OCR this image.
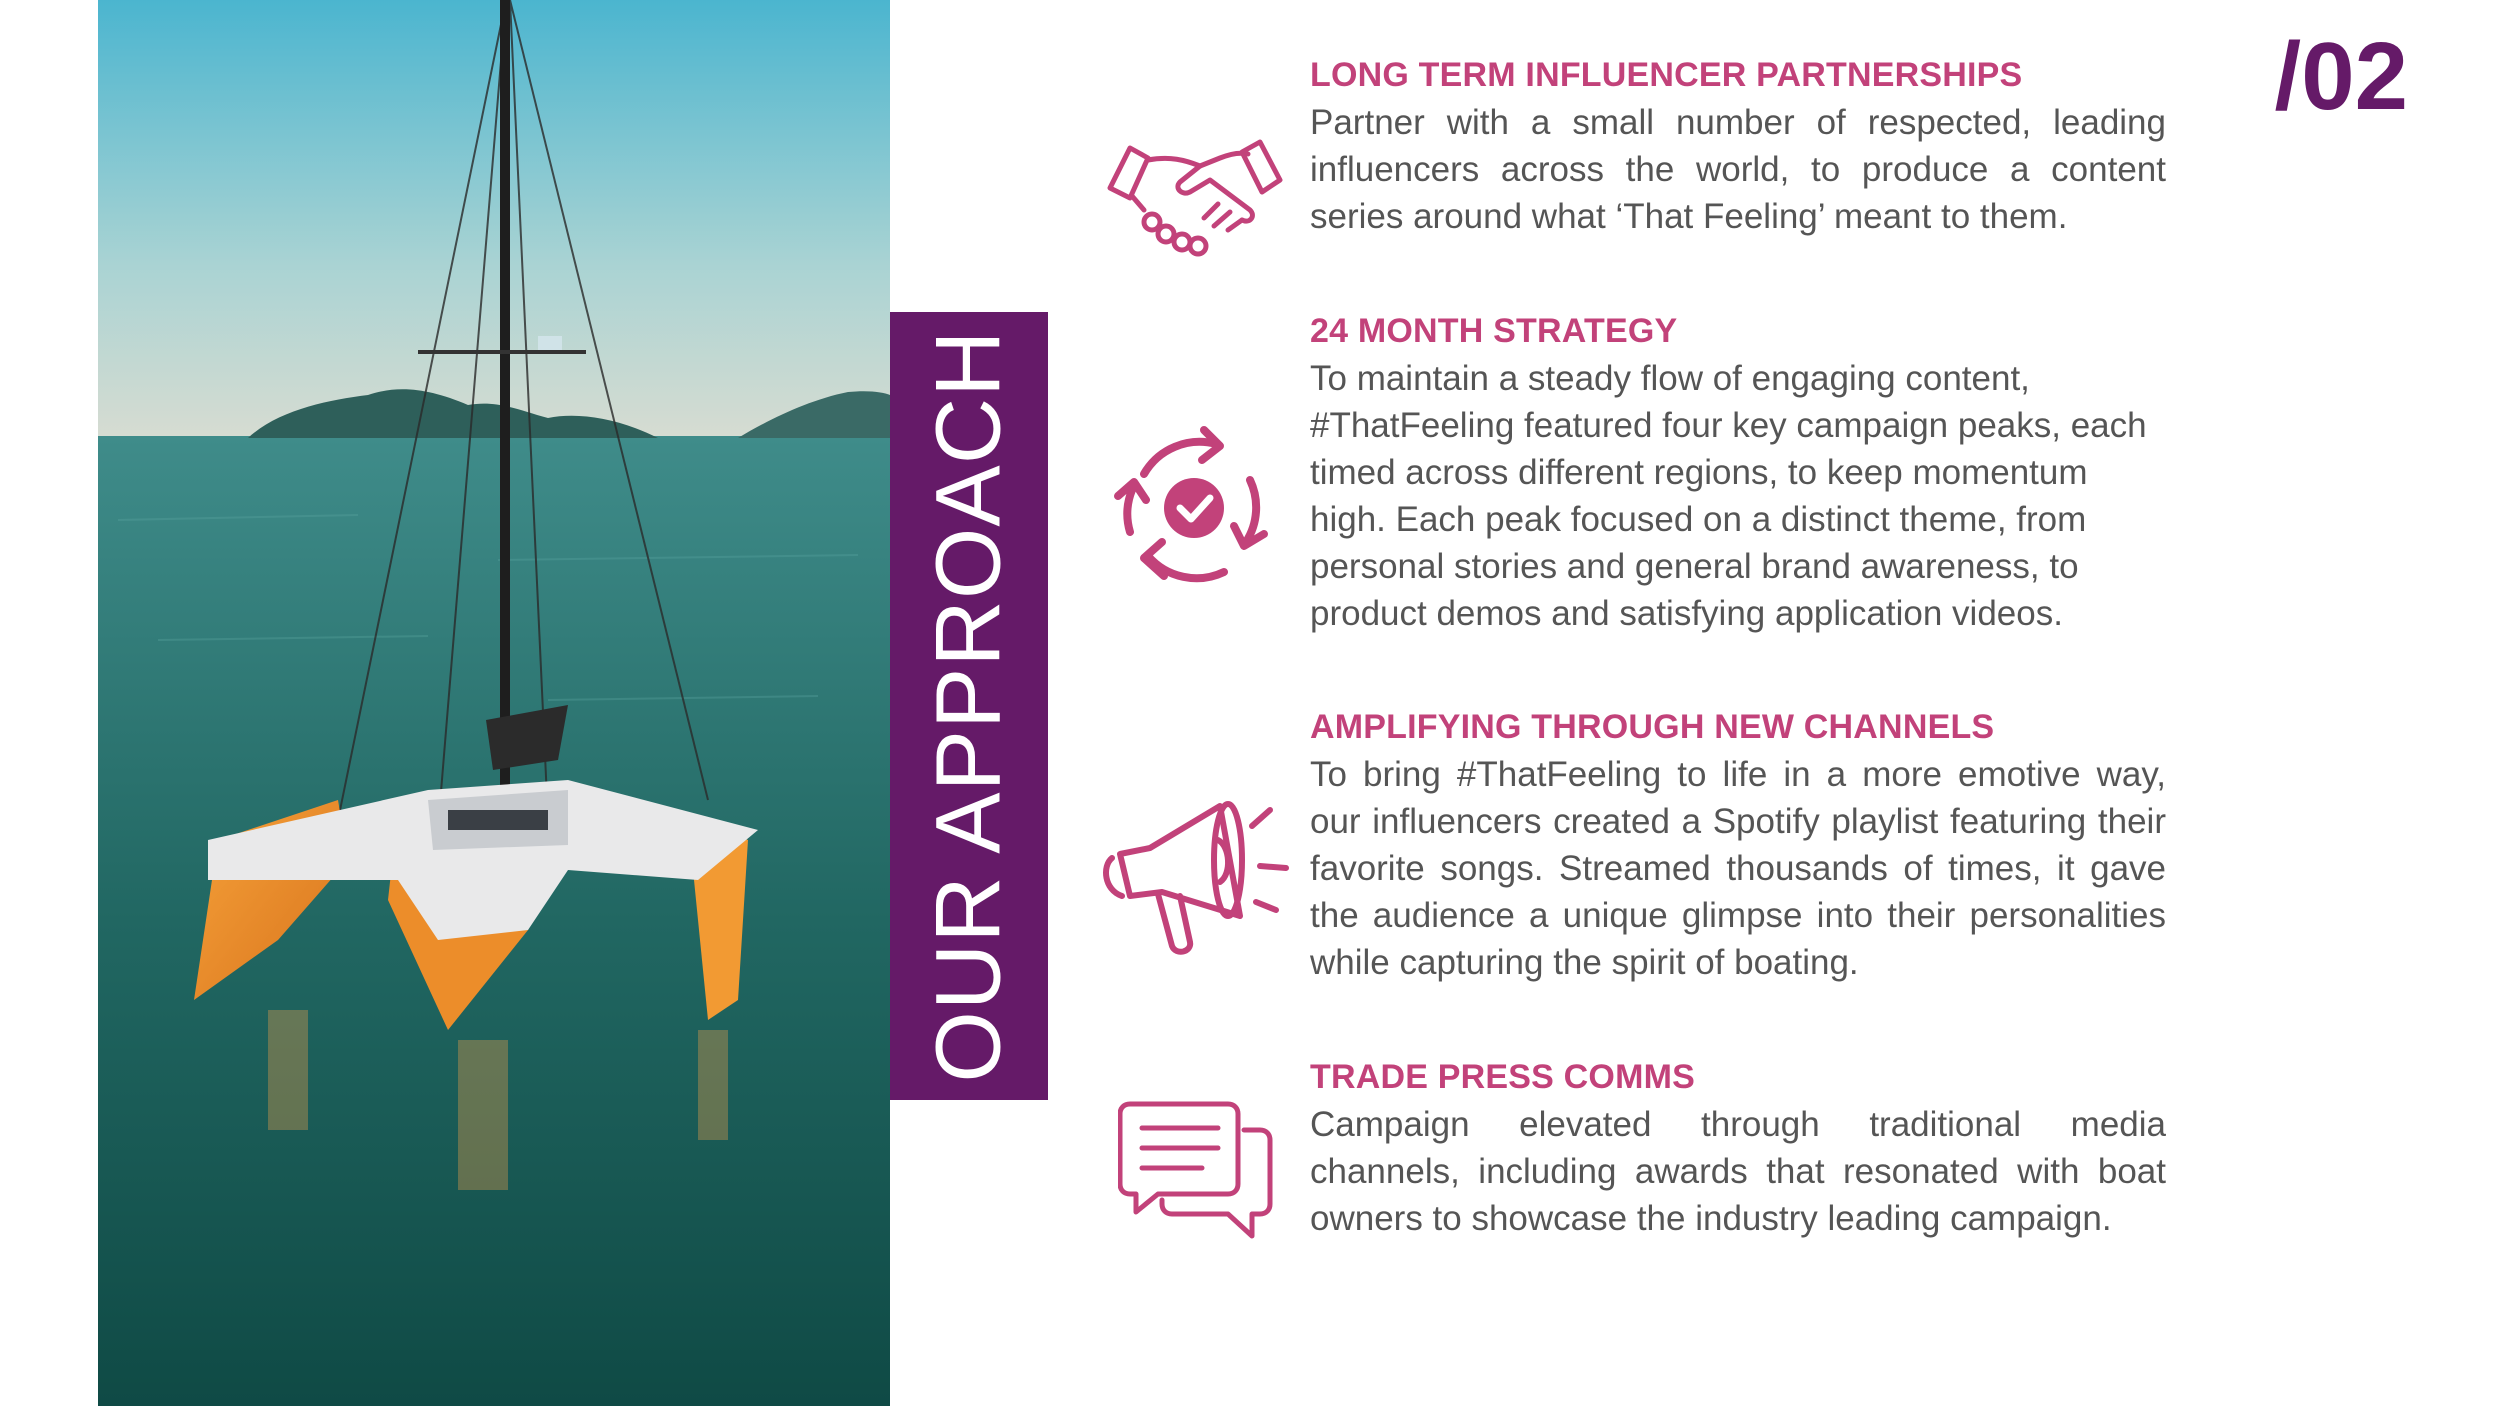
OUR APPROACH
/02
LONG TERM INFLUENCER PARTNERSHIPS

Partner with a small number of respected, leading influencers across the world, to produce a content series around what ‘That Feeling’ meant to them.

24 MONTH STRATEGY

To maintain a steady flow of engaging content, #ThatFeeling featured four key campaign peaks, each timed across different regions, to keep momentum high. Each peak focused on a distinct theme, from personal stories and general brand awareness, to product demos and satisfying application videos.

AMPLIFYING THROUGH NEW CHANNELS

To bring #ThatFeeling to life in a more emotive way, our influencers created a Spotify playlist featuring their favorite songs. Streamed thousands of times, it gave the audience a unique glimpse into their personalities while capturing the spirit of boating.

TRADE PRESS COMMS

Campaign elevated through traditional media channels, including awards that resonated with boat owners to showcase the industry leading campaign.
